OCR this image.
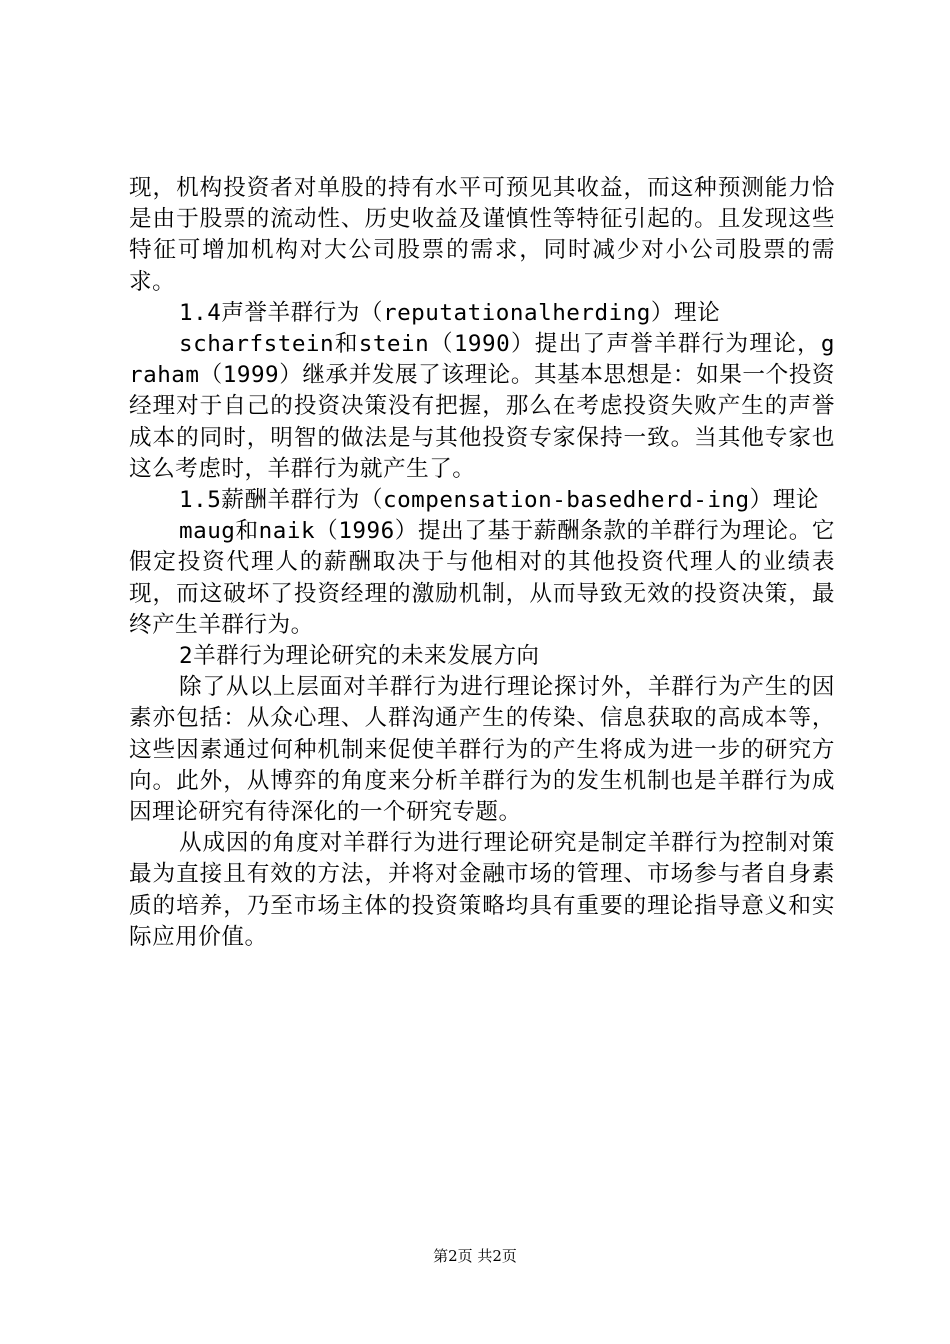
现，机构投资者对单股的持有水平可预见其收益，而这种预测能力恰是由于股票的流动性、历史收益及谨慎性等特征引起的。且发现这些特征可增加机构对大公司股票的需求，同时减少对小公司股票的需求。

1.4声誉羊群行为（reputationalherding）理论

scharfstein和stein（1990）提出了声誉羊群行为理论，graham（1999）继承并发展了该理论。其基本思想是：如果一个投资经理对于自己的投资决策没有把握，那么在考虑投资失败产生的声誉成本的同时，明智的做法是与其他投资专家保持一致。当其他专家也这么考虑时，羊群行为就产生了。

1.5薪酬羊群行为（compensation-basedherd-ing）理论

maug和naik（1996）提出了基于薪酬条款的羊群行为理论。它假定投资代理人的薪酬取决于与他相对的其他投资代理人的业绩表现，而这破坏了投资经理的激励机制，从而导致无效的投资决策，最终产生羊群行为。

2羊群行为理论研究的未来发展方向

除了从以上层面对羊群行为进行理论探讨外，羊群行为产生的因素亦包括：从众心理、人群沟通产生的传染、信息获取的高成本等，这些因素通过何种机制来促使羊群行为的产生将成为进一步的研究方向。此外，从博弈的角度来分析羊群行为的发生机制也是羊群行为成因理论研究有待深化的一个研究专题。

从成因的角度对羊群行为进行理论研究是制定羊群行为控制对策最为直接且有效的方法，并将对金融市场的管理、市场参与者自身素质的培养，乃至市场主体的投资策略均具有重要的理论指导意义和实际应用价值。

第2页 共2页
